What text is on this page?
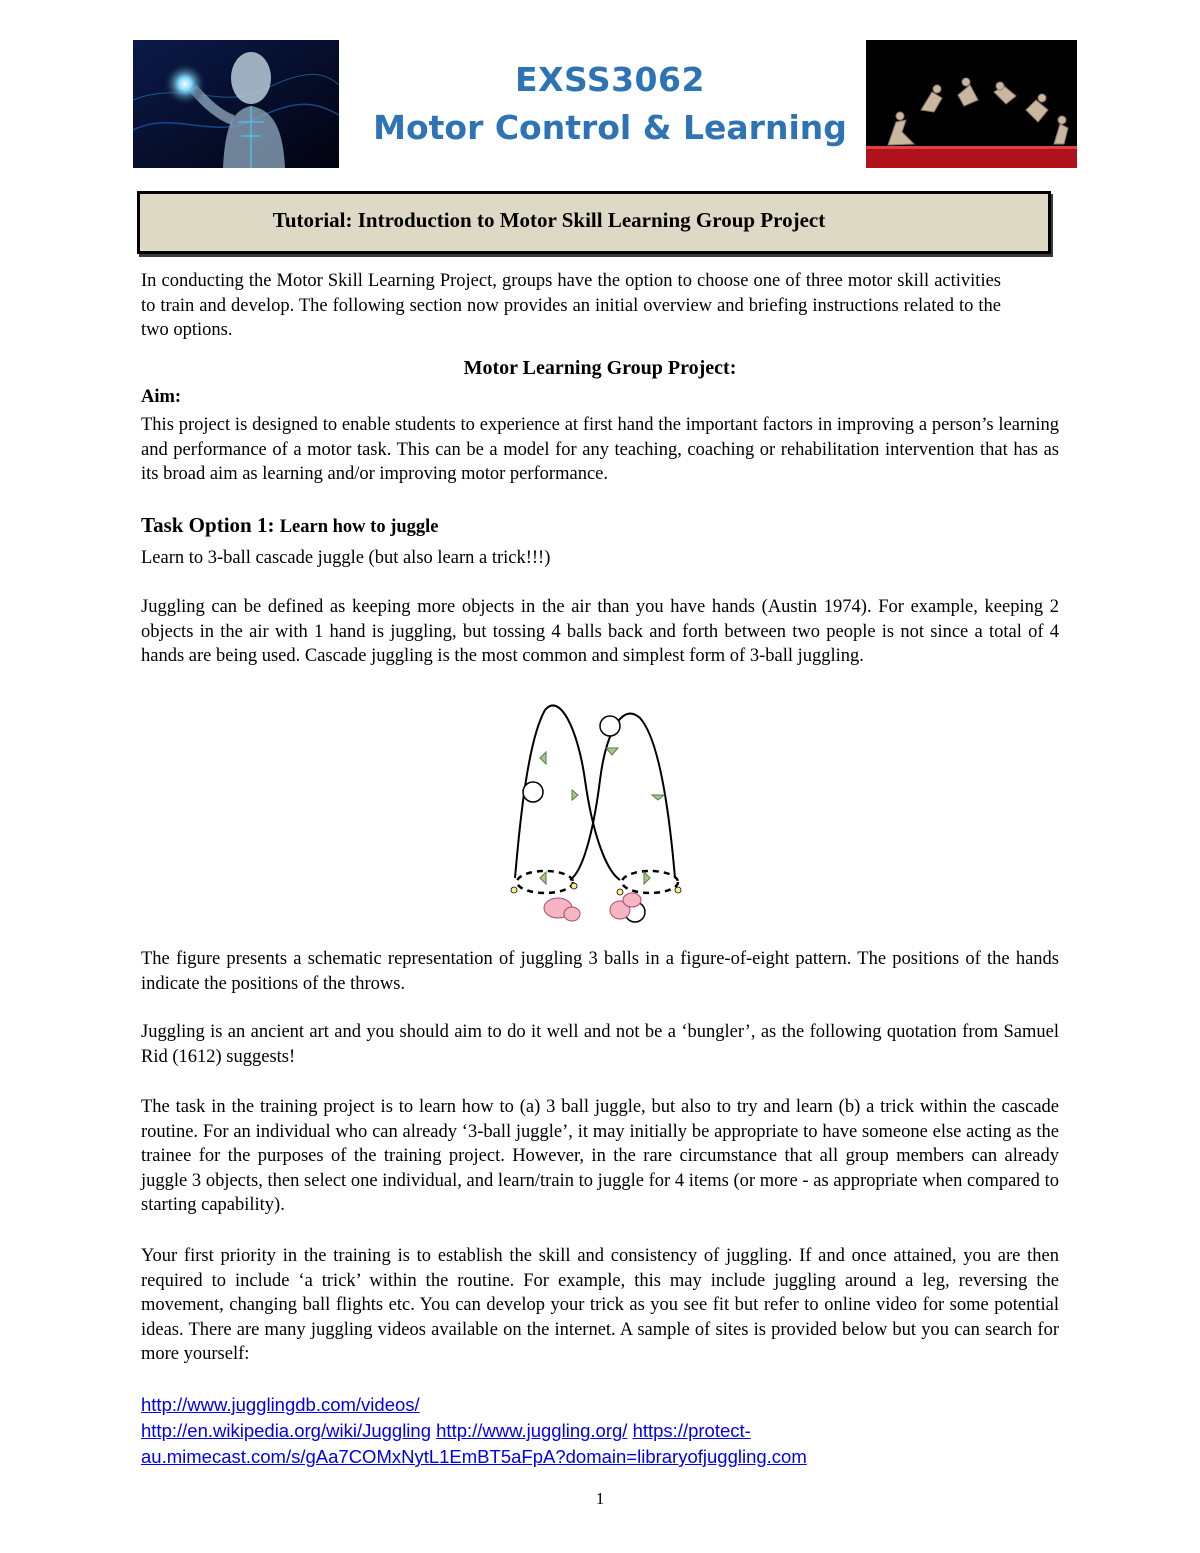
EXSS3062
Motor Control & Learning
Tutorial: Introduction to Motor Skill Learning Group Project
In conducting the Motor Skill Learning Project, groups have the option to choose one of three motor skill activities to train and develop. The following section now provides an initial overview and briefing instructions related to the two options.
Motor Learning Group Project:
Aim:
This project is designed to enable students to experience at first hand the important factors in improving a person’s learning and performance of a motor task. This can be a model for any teaching, coaching or rehabilitation intervention that has as its broad aim as learning and/or improving motor performance.
Task Option 1: Learn how to juggle
Learn to 3-ball cascade juggle (but also learn a trick!!!)
Juggling can be defined as keeping more objects in the air than you have hands (Austin 1974). For example, keeping 2 objects in the air with 1 hand is juggling, but tossing 4 balls back and forth between two people is not since a total of 4 hands are being used. Cascade juggling is the most common and simplest form of 3-ball juggling.
The figure presents a schematic representation of juggling 3 balls in a figure-of-eight pattern. The positions of the hands indicate the positions of the throws.
Juggling is an ancient art and you should aim to do it well and not be a ‘bungler’, as the following quotation from Samuel Rid (1612) suggests!
The task in the training project is to learn how to (a) 3 ball juggle, but also to try and learn (b) a trick within the cascade routine. For an individual who can already ‘3-ball juggle’, it may initially be appropriate to have someone else acting as the trainee for the purposes of the training project. However, in the rare circumstance that all group members can already juggle 3 objects, then select one individual, and learn/train to juggle for 4 items (or more - as appropriate when compared to starting capability).
Your first priority in the training is to establish the skill and consistency of juggling. If and once attained, you are then required to include ‘a trick’ within the routine. For example, this may include juggling around a leg, reversing the movement, changing ball flights etc. You can develop your trick as you see fit but refer to online video for some potential ideas. There are many juggling videos available on the internet. A sample of sites is provided below but you can search for more yourself:
http://www.jugglingdb.com/videos/
http://en.wikipedia.org/wiki/Juggling http://www.juggling.org/ https://protect-
au.mimecast.com/s/gAa7COMxNytL1EmBT5aFpA?domain=libraryofjuggling.com
1
